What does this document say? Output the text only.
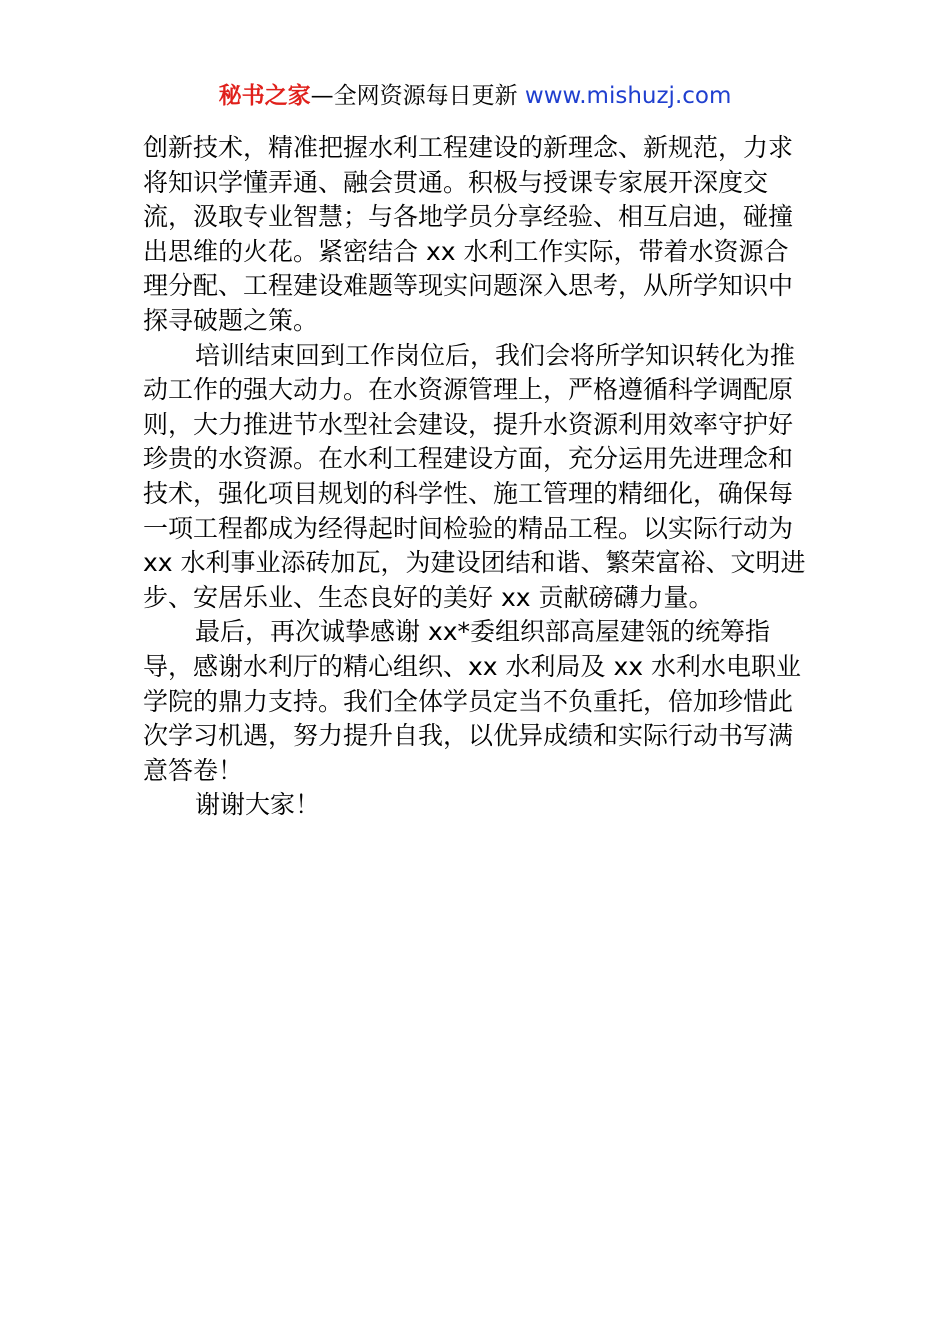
秘书之家—全网资源每日更新 www.mishuzj.com

创新技术，精准把握水利工程建设的新理念、新规范，力求将知识学懂弄通、融会贯通。积极与授课专家展开深度交流，汲取专业智慧；与各地学员分享经验、相互启迪，碰撞出思维的火花。紧密结合 xx 水利工作实际，带着水资源合理分配、工程建设难题等现实问题深入思考，从所学知识中探寻破题之策。

培训结束回到工作岗位后，我们会将所学知识转化为推动工作的强大动力。在水资源管理上，严格遵循科学调配原则，大力推进节水型社会建设，提升水资源利用效率守护好珍贵的水资源。在水利工程建设方面，充分运用先进理念和技术，强化项目规划的科学性、施工管理的精细化，确保每一项工程都成为经得起时间检验的精品工程。以实际行动为 xx 水利事业添砖加瓦，为建设团结和谐、繁荣富裕、文明进步、安居乐业、生态良好的美好 xx 贡献磅礴力量。

最后，再次诚挚感谢 xx*委组织部高屋建瓴的统筹指导，感谢水利厅的精心组织、xx 水利局及 xx 水利水电职业学院的鼎力支持。我们全体学员定当不负重托，倍加珍惜此次学习机遇，努力提升自我，以优异成绩和实际行动书写满意答卷！

谢谢大家！
